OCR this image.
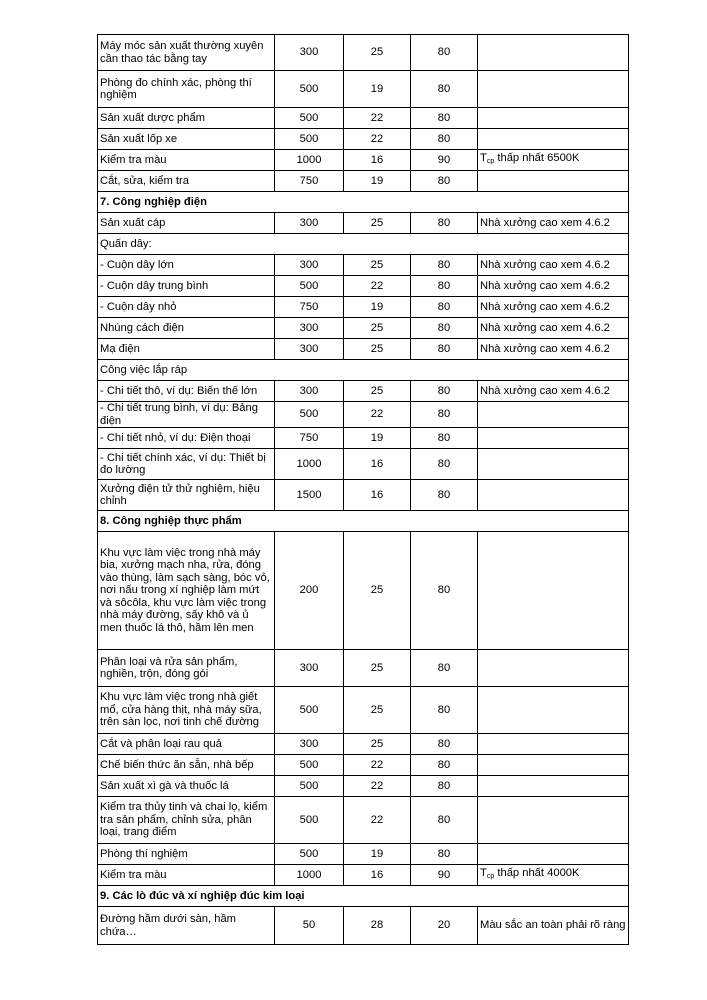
Máy móc sản xuất thường xuyên cần thao tác bằng tay	300	25	80	
Phòng đo chính xác, phòng thí nghiệm	500	19	80	
Sản xuất dược phẩm	500	22	80	
Sản xuất lốp xe	500	22	80	
Kiểm tra màu	1000	16	90	$T_{cp}$ thấp nhất 6500K
Cắt, sửa, kiểm tra	750	19	80	
7. Công nghiệp điện				
Sản xuất cáp	300	25	80	Nhà xưởng cao xem 4.6.2
Quấn dây:				
- Cuộn dây lớn	300	25	80	Nhà xưởng cao xem 4.6.2
- Cuộn dây trung bình	500	22	80	Nhà xưởng cao xem 4.6.2
- Cuộn dây nhỏ	750	19	80	Nhà xưởng cao xem 4.6.2
Nhúng cách điện	300	25	80	Nhà xưởng cao xem 4.6.2
Mạ điện	300	25	80	Nhà xưởng cao xem 4.6.2
Công việc lắp ráp				
- Chi tiết thô, ví dụ: Biến thế lớn	300	25	80	Nhà xưởng cao xem 4.6.2
- Chi tiết trung bình, ví dụ: Bảng điện	500	22	80	
- Chi tiết nhỏ, ví dụ: Điện thoại	750	19	80	
- Chi tiết chính xác, ví dụ: Thiết bị đo lường	1000	16	80	
Xưởng điện tử thử nghiệm, hiệu chỉnh	1500	16	80	
8. Công nghiệp thực phẩm				
Khu vực làm việc trong nhà máy bia, xưởng mạch nha, rửa, đóng vào thùng, làm sạch sàng, bóc vỏ, nơi nấu trong xí nghiệp làm mứt và sôcôla, khu vực làm việc trong nhà máy đường, sấy khô và ủ men thuốc lá thô, hầm lên men	200	25	80	
Phân loại và rửa sản phẩm, nghiền, trộn, đóng gói	300	25	80	
Khu vực làm việc trong nhà giết mổ, cửa hàng thịt, nhà máy sữa, trên sàn lọc, nơi tinh chế đường	500	25	80	
Cắt và phân loại rau quả	300	25	80	
Chế biến thức ăn sẵn, nhà bếp	500	22	80	
Sản xuất xì gà và thuốc lá	500	22	80	
Kiểm tra thủy tinh và chai lọ, kiểm tra sản phẩm, chỉnh sửa, phân loại, trang điểm	500	22	80	
Phòng thí nghiệm	500	19	80	
Kiểm tra màu	1000	16	90	$T_{cp}$ thấp nhất 4000K
9. Các lò đúc và xí nghiệp đúc kim loại				
Đường hầm dưới sàn, hầm chứa…	50	28	20	Màu sắc an toàn phải rõ ràng
